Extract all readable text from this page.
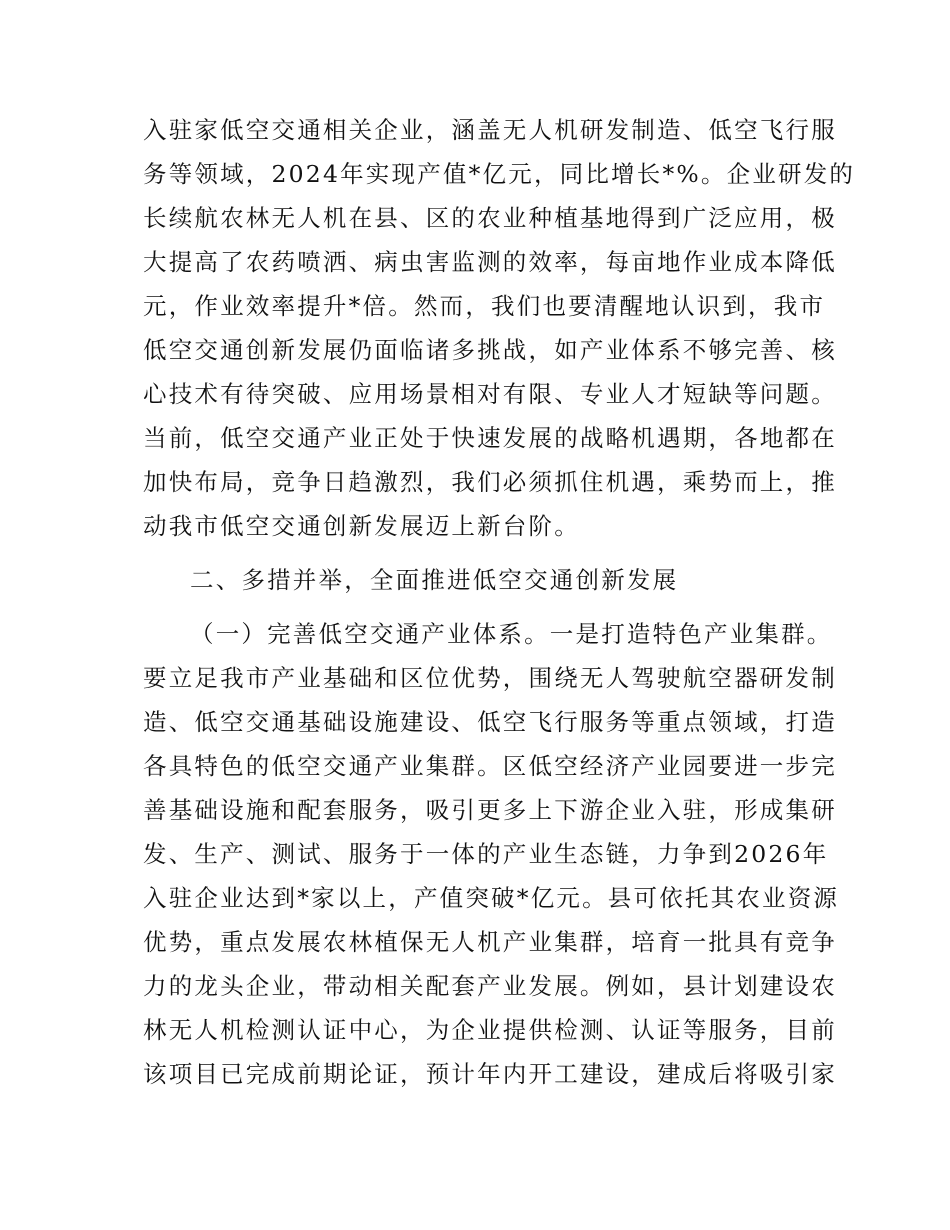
入驻家低空交通相关企业，涵盖无人机研发制造、低空飞行服
务等领域，2024年实现产值*亿元，同比增长*%。企业研发的
长续航农林无人机在县、区的农业种植基地得到广泛应用，极
大提高了农药喷洒、病虫害监测的效率，每亩地作业成本降低
元，作业效率提升*倍。然而，我们也要清醒地认识到，我市
低空交通创新发展仍面临诸多挑战，如产业体系不够完善、核
心技术有待突破、应用场景相对有限、专业人才短缺等问题。
当前，低空交通产业正处于快速发展的战略机遇期，各地都在
加快布局，竞争日趋激烈，我们必须抓住机遇，乘势而上，推
动我市低空交通创新发展迈上新台阶。
二、多措并举，全面推进低空交通创新发展
（一）完善低空交通产业体系。一是打造特色产业集群。
要立足我市产业基础和区位优势，围绕无人驾驶航空器研发制
造、低空交通基础设施建设、低空飞行服务等重点领域，打造
各具特色的低空交通产业集群。区低空经济产业园要进一步完
善基础设施和配套服务，吸引更多上下游企业入驻，形成集研
发、生产、测试、服务于一体的产业生态链，力争到2026年
入驻企业达到*家以上，产值突破*亿元。县可依托其农业资源
优势，重点发展农林植保无人机产业集群，培育一批具有竞争
力的龙头企业，带动相关配套产业发展。例如，县计划建设农
林无人机检测认证中心，为企业提供检测、认证等服务，目前
该项目已完成前期论证，预计年内开工建设，建成后将吸引家
